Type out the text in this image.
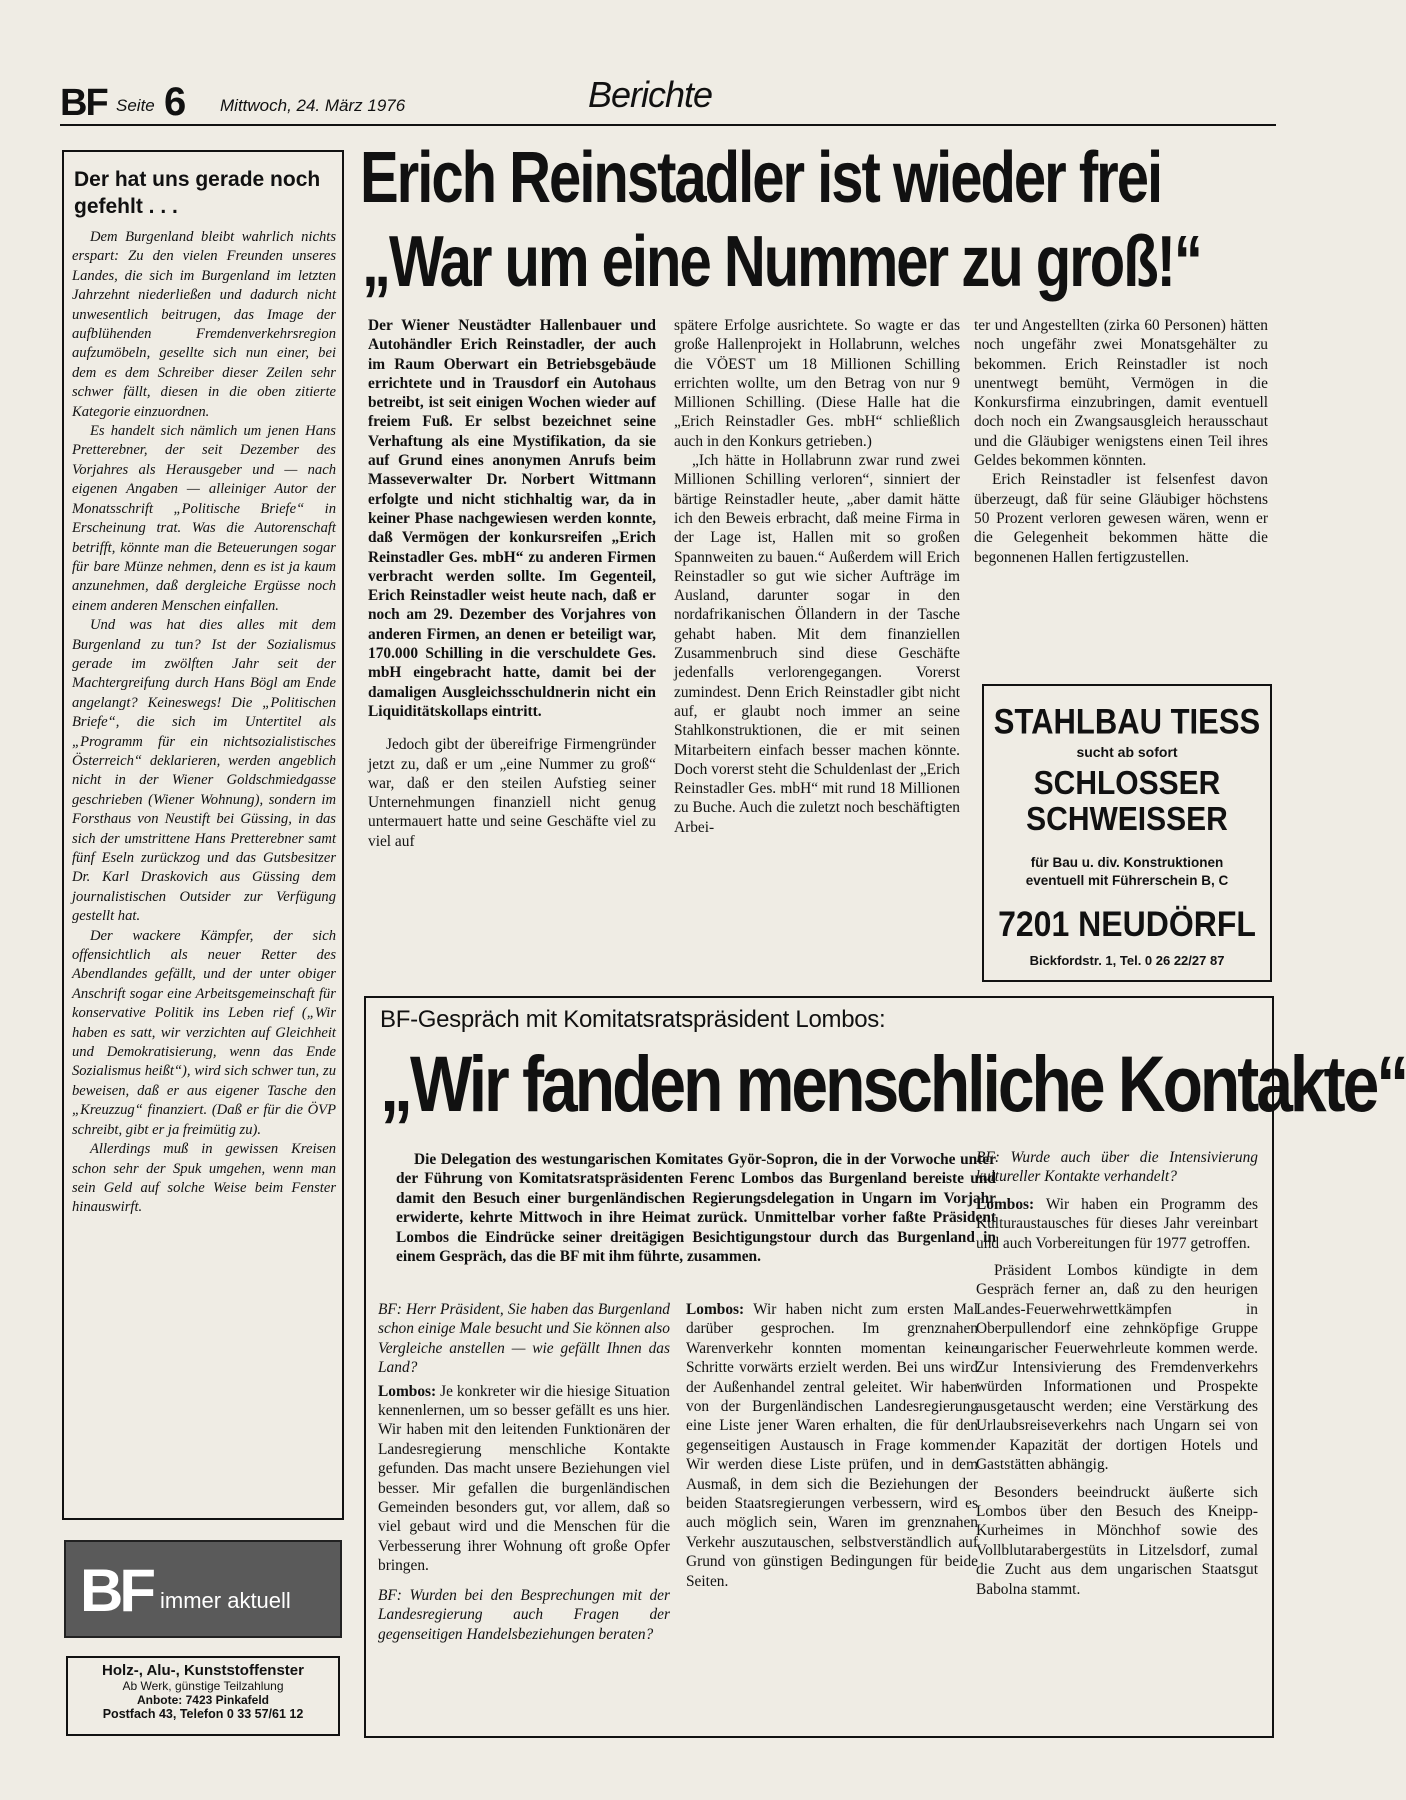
BF Seite 6 Mittwoch, 24. März 1976	Berichte
Der hat uns gerade noch gefehlt . . .

Dem Burgenland bleibt wahrlich nichts erspart: Zu den vielen Freunden unseres Landes, die sich im Burgenland im letzten Jahrzehnt niederließen und dadurch nicht unwesentlich beitrugen, das Image der aufblühenden Fremdenverkehrsregion aufzumöbeln, gesellte sich nun einer, bei dem es dem Schreiber dieser Zeilen sehr schwer fällt, diesen in die oben zitierte Kategorie einzuordnen.

Es handelt sich nämlich um jenen Hans Pretterebner, der seit Dezember des Vorjahres als Herausgeber und — nach eigenen Angaben — alleiniger Autor der Monatsschrift „Politische Briefe“ in Erscheinung trat. Was die Autorenschaft betrifft, könnte man die Beteuerungen sogar für bare Münze nehmen, denn es ist ja kaum anzunehmen, daß dergleiche Ergüsse noch einem anderen Menschen einfallen.

Und was hat dies alles mit dem Burgenland zu tun? Ist der Sozialismus gerade im zwölften Jahr seit der Machtergreifung durch Hans Bögl am Ende angelangt? Keineswegs! Die „Politischen Briefe“, die sich im Untertitel als „Programm für ein nichtsozialistisches Österreich“ deklarieren, werden angeblich nicht in der Wiener Goldschmiedgasse geschrieben (Wiener Wohnung), sondern im Forsthaus von Neustift bei Güssing, in das sich der umstrittene Hans Pretterebner samt fünf Eseln zurückzog und das Gutsbesitzer Dr. Karl Draskovich aus Güssing dem journalistischen Outsider zur Verfügung gestellt hat.

Der wackere Kämpfer, der sich offensichtlich als neuer Retter des Abendlandes gefällt, und der unter obiger Anschrift sogar eine Arbeitsgemeinschaft für konservative Politik ins Leben rief („Wir haben es satt, wir verzichten auf Gleichheit und Demokratisierung, wenn das Ende Sozialismus heißt“), wird sich schwer tun, zu beweisen, daß er aus eigener Tasche den „Kreuzzug“ finanziert. (Daß er für die ÖVP schreibt, gibt er ja freimütig zu).

Allerdings muß in gewissen Kreisen schon sehr der Spuk umgehen, wenn man sein Geld auf solche Weise beim Fenster hinauswirft.

BF immer aktuell
Holz-, Alu-, Kunststoffenster
Ab Werk, günstige Teilzahlung
Anbote: 7423 Pinkafeld
Postfach 43, Telefon 0 33 57/61 12
Erich Reinstadler ist wieder frei
„War um eine Nummer zu groß!“

Der Wiener Neustädter Hallenbauer und Autohändler Erich Reinstadler, der auch im Raum Oberwart ein Betriebsgebäude errichtete und in Trausdorf ein Autohaus betreibt, ist seit einigen Wochen wieder auf freiem Fuß. Er selbst bezeichnet seine Verhaftung als eine Mystifikation, da sie auf Grund eines anonymen Anrufs beim Masseverwalter Dr. Norbert Wittmann erfolgte und nicht stichhaltig war, da in keiner Phase nachgewiesen werden konnte, daß Vermögen der konkursreifen „Erich Reinstadler Ges. mbH“ zu anderen Firmen verbracht werden sollte. Im Gegenteil, Erich Reinstadler weist heute nach, daß er noch am 29. Dezember des Vorjahres von anderen Firmen, an denen er beteiligt war, 170.000 Schilling in die verschuldete Ges. mbH eingebracht hatte, damit bei der damaligen Ausgleichsschuldnerin nicht ein Liquiditätskollaps eintritt.

Jedoch gibt der übereifrige Firmengründer jetzt zu, daß er um „eine Nummer zu groß“ war, daß er den steilen Aufstieg seiner Unternehmungen finanziell nicht genug untermauert hatte und seine Geschäfte viel zu viel auf

spätere Erfolge ausrichtete. So wagte er das große Hallenprojekt in Hollabrunn, welches die VÖEST um 18 Millionen Schilling errichten wollte, um den Betrag von nur 9 Millionen Schilling. (Diese Halle hat die „Erich Reinstadler Ges. mbH“ schließlich auch in den Konkurs getrieben.)

„Ich hätte in Hollabrunn zwar rund zwei Millionen Schilling verloren“, sinniert der bärtige Reinstadler heute, „aber damit hätte ich den Beweis erbracht, daß meine Firma in der Lage ist, Hallen mit so großen Spannweiten zu bauen.“ Außerdem will Erich Reinstadler so gut wie sicher Aufträge im Ausland, darunter sogar in den nordafrikanischen Öllandern in der Tasche gehabt haben. Mit dem finanziellen Zusammenbruch sind diese Geschäfte jedenfalls verlorengegangen. Vorerst zumindest. Denn Erich Reinstadler gibt nicht auf, er glaubt noch immer an seine Stahlkonstruktionen, die er mit seinen Mitarbeitern einfach besser machen könnte. Doch vorerst steht die Schuldenlast der „Erich Reinstadler Ges. mbH“ mit rund 18 Millionen zu Buche. Auch die zuletzt noch beschäftigten Arbei-

ter und Angestellten (zirka 60 Personen) hätten noch ungefähr zwei Monatsgehälter zu bekommen. Erich Reinstadler ist noch unentwegt bemüht, Vermögen in die Konkursfirma einzubringen, damit eventuell doch noch ein Zwangsausgleich herausschaut und die Gläubiger wenigstens einen Teil ihres Geldes bekommen könnten.

Erich Reinstadler ist felsenfest davon überzeugt, daß für seine Gläubiger höchstens 50 Prozent verloren gewesen wären, wenn er die Gelegenheit bekommen hätte die begonnenen Hallen fertigzustellen.

STAHLBAU TIESS
sucht ab sofort
SCHLOSSER
SCHWEISSER
für Bau u. div. Konstruktionen
eventuell mit Führerschein B, C
7201 NEUDÖRFL
Bickfordstr. 1, Tel. 0 26 22/27 87
BF-Gespräch mit Komitatsratspräsident Lombos:
„Wir fanden menschliche Kontakte“

Die Delegation des westungarischen Komitates Györ-Sopron, die in der Vorwoche unter der Führung von Komitatsratspräsidenten Ferenc Lombos das Burgenland bereiste und damit den Besuch einer burgenländischen Regierungsdelegation in Ungarn im Vorjahr erwiderte, kehrte Mittwoch in ihre Heimat zurück. Unmittelbar vorher faßte Präsident Lombos die Eindrücke seiner dreitägigen Besichtigungstour durch das Burgenland in einem Gespräch, das die BF mit ihm führte, zusammen.

BF: Herr Präsident, Sie haben das Burgenland schon einige Male besucht und Sie können also Vergleiche anstellen — wie gefällt Ihnen das Land?

Lombos: Je konkreter wir die hiesige Situation kennenlernen, um so besser gefällt es uns hier. Wir haben mit den leitenden Funktionären der Landesregierung menschliche Kontakte gefunden. Das macht unsere Beziehungen viel besser. Mir gefallen die burgenländischen Gemeinden besonders gut, vor allem, daß so viel gebaut wird und die Menschen für die Verbesserung ihrer Wohnung oft große Opfer bringen.

BF: Wurden bei den Besprechungen mit der Landesregierung auch Fragen der gegenseitigen Handelsbeziehungen beraten?

Lombos: Wir haben nicht zum ersten Mal darüber gesprochen. Im grenznahen Warenverkehr konnten momentan keine Schritte vorwärts erzielt werden. Bei uns wird der Außenhandel zentral geleitet. Wir haben von der Burgenländischen Landesregierung eine Liste jener Waren erhalten, die für den gegenseitigen Austausch in Frage kommen. Wir werden diese Liste prüfen, und in dem Ausmaß, in dem sich die Beziehungen der beiden Staatsregierungen verbessern, wird es auch möglich sein, Waren im grenznahen Verkehr auszutauschen, selbstverständlich auf Grund von günstigen Bedingungen für beide Seiten.

BF: Wurde auch über die Intensivierung kultureller Kontakte verhandelt?

Lombos: Wir haben ein Programm des Kulturaustausches für dieses Jahr vereinbart und auch Vorbereitungen für 1977 getroffen.

Präsident Lombos kündigte in dem Gespräch ferner an, daß zu den heurigen Landes-Feuerwehrwettkämpfen in Oberpullendorf eine zehnköpfige Gruppe ungarischer Feuerwehrleute kommen werde. Zur Intensivierung des Fremdenverkehrs würden Informationen und Prospekte ausgetauscht werden; eine Verstärkung des Urlaubsreiseverkehrs nach Ungarn sei von der Kapazität der dortigen Hotels und Gaststätten abhängig.

Besonders beeindruckt äußerte sich Lombos über den Besuch des Kneipp-Kurheimes in Mönchhof sowie des Vollblutarabergestüts in Litzelsdorf, zumal die Zucht aus dem ungarischen Staatsgut Babolna stammt.
